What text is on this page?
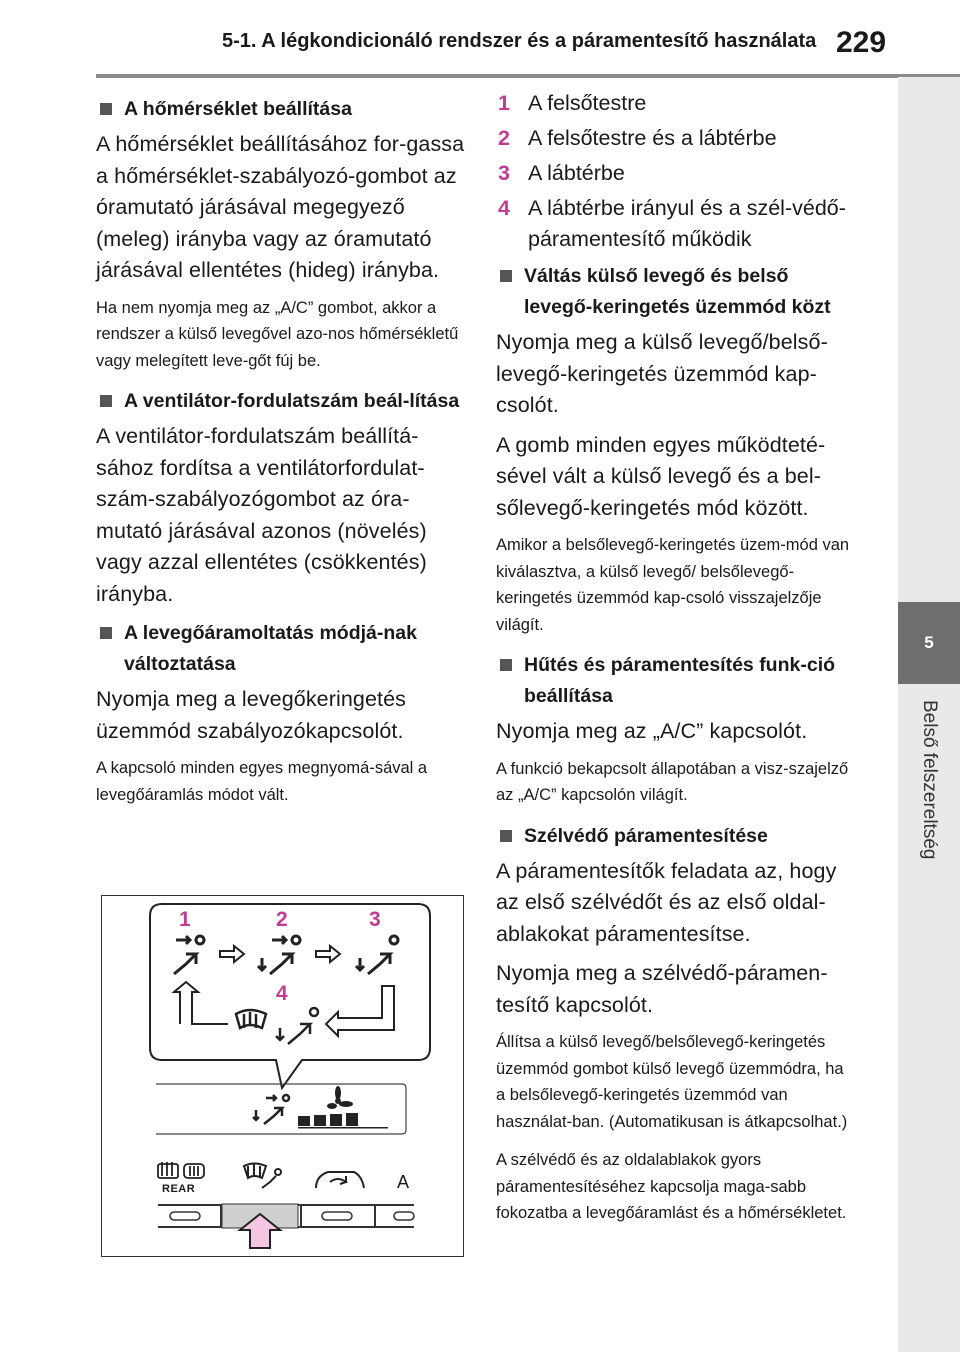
5-1. A légkondicionáló rendszer és a páramentesítő használata 229
5
Belső felszereltség
A hőmérséklet beállítása
A hőmérséklet beállításához for-gassa a hőmérséklet-szabályozó-gombot az óramutató járásával megegyező (meleg) irányba vagy az óramutató járásával ellentétes (hideg) irányba.
Ha nem nyomja meg az „A/C” gombot, akkor a rendszer a külső levegővel azo-nos hőmérsékletű vagy melegített leve-gőt fúj be.
A ventilátor-fordulatszám beál-lítása
A ventilátor-fordulatszám beállítá-sához fordítsa a ventilátorfordulat-szám-szabályozógombot az óra-mutató járásával azonos (növelés) vagy azzal ellentétes (csökkentés) irányba.
A levegőáramoltatás módjá-nak változtatása
Nyomja meg a levegőkeringetés üzemmód szabályozókapcsolót.
A kapcsoló minden egyes megnyomá-sával a levegőáramlás módot vált.
1	2	3
4
REAR	A
1 A felsőtestre
2 A felsőtestre és a lábtérbe
3 A lábtérbe
4 A lábtérbe irányul és a szél-védő-páramentesítő működik
Váltás külső levegő és belső levegő-keringetés üzemmód közt
Nyomja meg a külső levegő/belső-levegő-keringetés üzemmód kap-csolót.
A gomb minden egyes működteté-sével vált a külső levegő és a bel-sőlevegő-keringetés mód között.
Amikor a belsőlevegő-keringetés üzem-mód van kiválasztva, a külső levegő/ belsőlevegő-keringetés üzemmód kap-csoló visszajelzője világít.
Hűtés és páramentesítés funk-ció beállítása
Nyomja meg az „A/C” kapcsolót.
A funkció bekapcsolt állapotában a visz-szajelző az „A/C” kapcsolón világít.
Szélvédő páramentesítése
A páramentesítők feladata az, hogy az első szélvédőt és az első oldal-ablakokat páramentesítse.
Nyomja meg a szélvédő-páramen-tesítő kapcsolót.
Állítsa a külső levegő/belsőlevegő-keringetés üzemmód gombot külső levegő üzemmódra, ha a belsőlevegő-keringetés üzemmód van használat-ban. (Automatikusan is átkapcsolhat.)
A szélvédő és az oldalablakok gyors páramentesítéséhez kapcsolja maga-sabb fokozatba a levegőáramlást és a hőmérsékletet.
